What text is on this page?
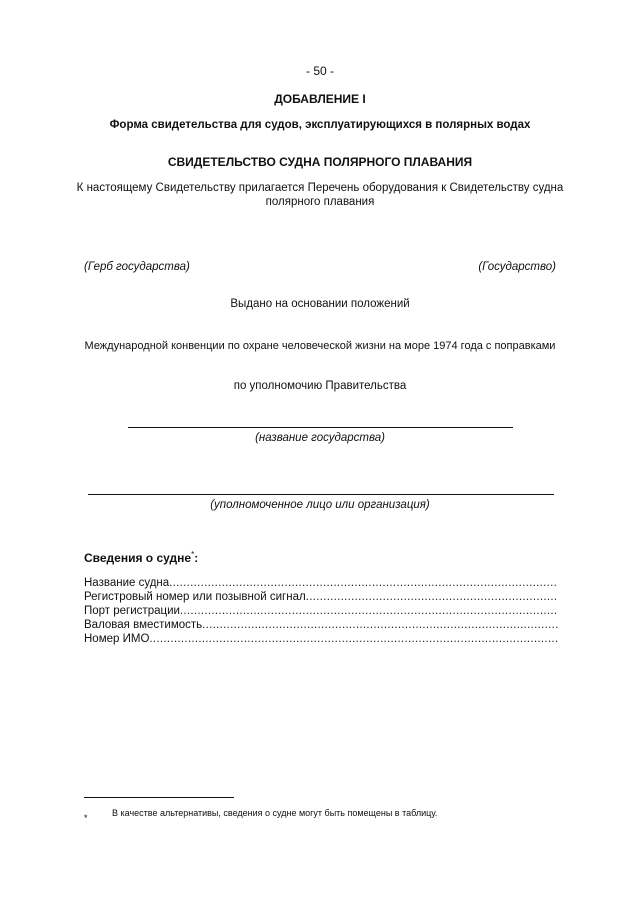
- 50 -
ДОБАВЛЕНИЕ I
Форма свидетельства для судов, эксплуатирующихся в полярных водах
СВИДЕТЕЛЬСТВО СУДНА ПОЛЯРНОГО ПЛАВАНИЯ
К настоящему Свидетельству прилагается Перечень оборудования к Свидетельству судна полярного плавания
(Герб государства)	(Государство)
Выдано на основании положений
Международной конвенции по охране человеческой жизни на море 1974 года с поправками
по уполномочию Правительства
(название государства)
(уполномоченное лицо или организация)
Сведения о судне*:
Название судна
.....
Регистровый номер или позывной сигнал
.....
Порт регистрации
.....
Валовая вместимость
.....
Номер ИМО
.....
*	В качестве альтернативы, сведения о судне могут быть помещены в таблицу.
